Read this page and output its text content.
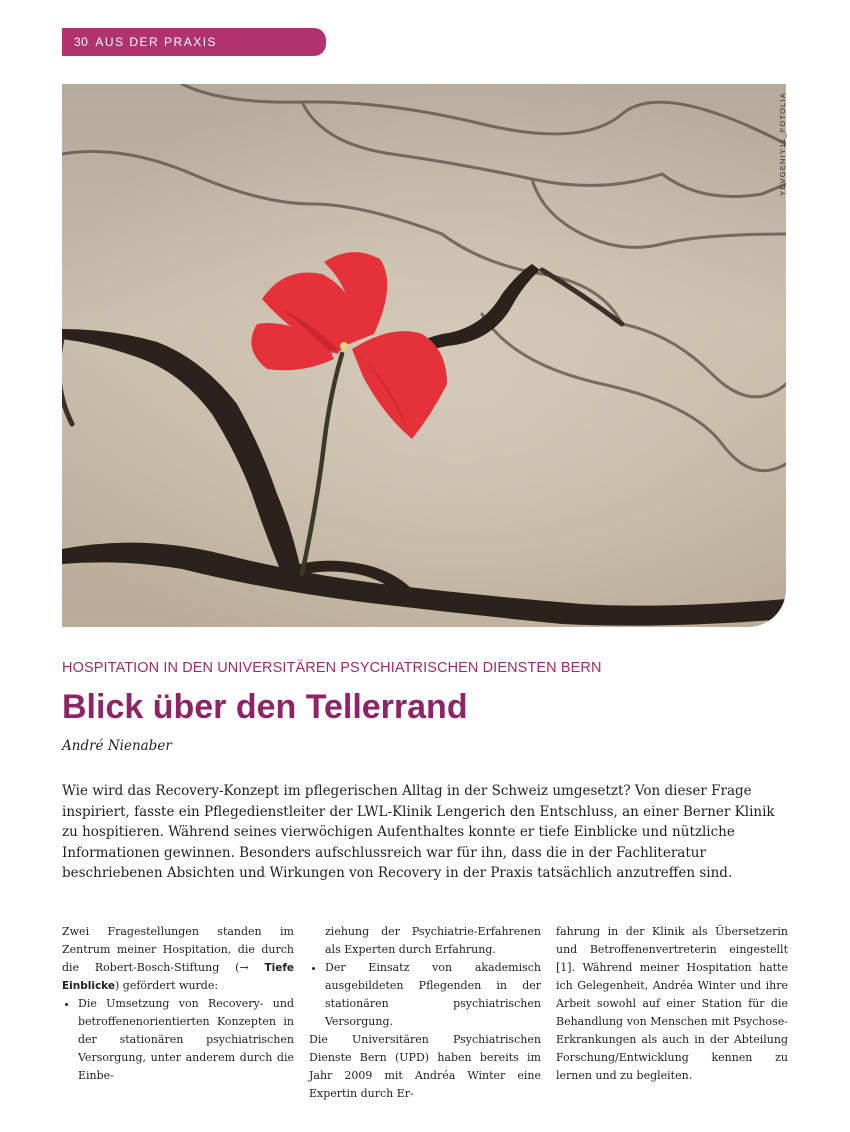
30 AUS DER PRAXIS
YEVGENIY11_FOTOLIA
HOSPITATION IN DEN UNIVERSITÄREN PSYCHIATRISCHEN DIENSTEN BERN
Blick über den Tellerrand
André Nienaber

Wie wird das Recovery-Konzept im pflegerischen Alltag in der Schweiz umgesetzt? Von dieser Frage inspiriert, fasste ein Pflegedienstleiter der LWL-Klinik Lengerich den Entschluss, an einer Berner Klinik zu hospitieren. Während seines vierwöchigen Aufenthaltes konnte er tiefe Einblicke und nützliche Informationen gewinnen. Besonders aufschlussreich war für ihn, dass die in der Fachliteratur beschriebenen Absichten und Wirkungen von Recovery in der Praxis tatsächlich anzutreffen sind.

Zwei Fragestellungen standen im Zentrum meiner Hospitation, die durch die Robert-Bosch-Stiftung (→ Tiefe Einblicke) gefördert wurde:

• Die Umsetzung von Recovery- und betroffenenorientierten Konzepten in der stationären psychiatrischen Versorgung, unter anderem durch die Einbe-

ziehung der Psychiatrie-Erfahrenen als Experten durch Erfahrung.

• Der Einsatz von akademisch ausgebildeten Pflegenden in der stationären psychiatrischen Versorgung.

Die Universitären Psychiatrischen Dienste Bern (UPD) haben bereits im Jahr 2009 mit Andréa Winter eine Expertin durch Er-

fahrung in der Klinik als Übersetzerin und Betroffenenvertreterin eingestellt [1]. Während meiner Hospitation hatte ich Gelegenheit, Andréa Winter und ihre Arbeit sowohl auf einer Station für die Behandlung von Menschen mit Psychose-Erkrankungen als auch in der Abteilung Forschung/Entwicklung kennen zu lernen und zu begleiten.
